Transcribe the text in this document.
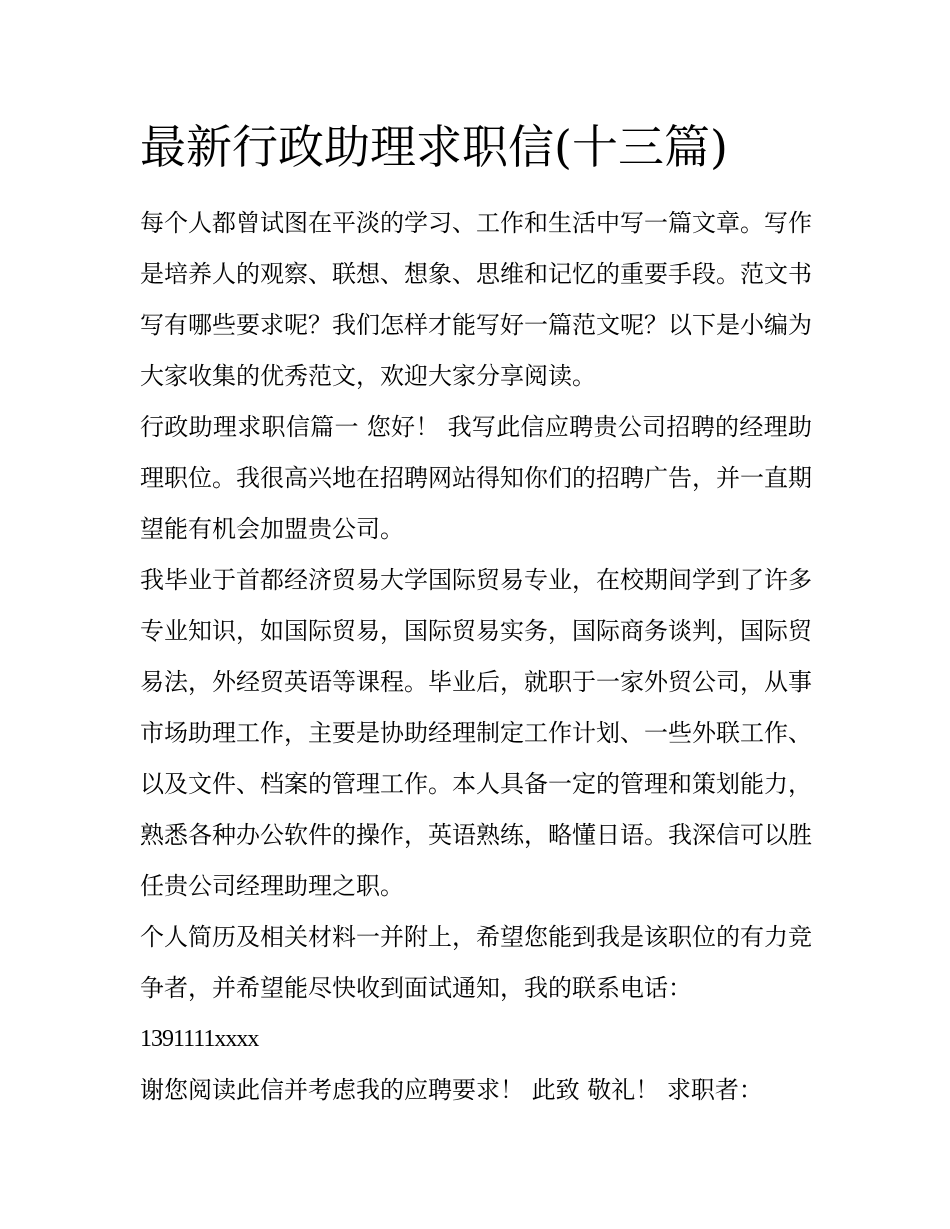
最新行政助理求职信(十三篇)

每个人都曾试图在平淡的学习、工作和生活中写一篇文章。写作是培养人的观察、联想、想象、思维和记忆的重要手段。范文书写有哪些要求呢？我们怎样才能写好一篇范文呢？以下是小编为大家收集的优秀范文，欢迎大家分享阅读。

行政助理求职信篇一 您好！ 我写此信应聘贵公司招聘的经理助理职位。我很高兴地在招聘网站得知你们的招聘广告，并一直期望能有机会加盟贵公司。

我毕业于首都经济贸易大学国际贸易专业，在校期间学到了许多专业知识，如国际贸易，国际贸易实务，国际商务谈判，国际贸易法，外经贸英语等课程。毕业后，就职于一家外贸公司，从事市场助理工作，主要是协助经理制定工作计划、一些外联工作、以及文件、档案的管理工作。本人具备一定的管理和策划能力，熟悉各种办公软件的操作，英语熟练，略懂日语。我深信可以胜任贵公司经理助理之职。

个人简历及相关材料一并附上，希望您能到我是该职位的有力竞争者，并希望能尽快收到面试通知，我的联系电话：

1391111xxxx

谢您阅读此信并考虑我的应聘要求！ 此致 敬礼！ 求职者：
